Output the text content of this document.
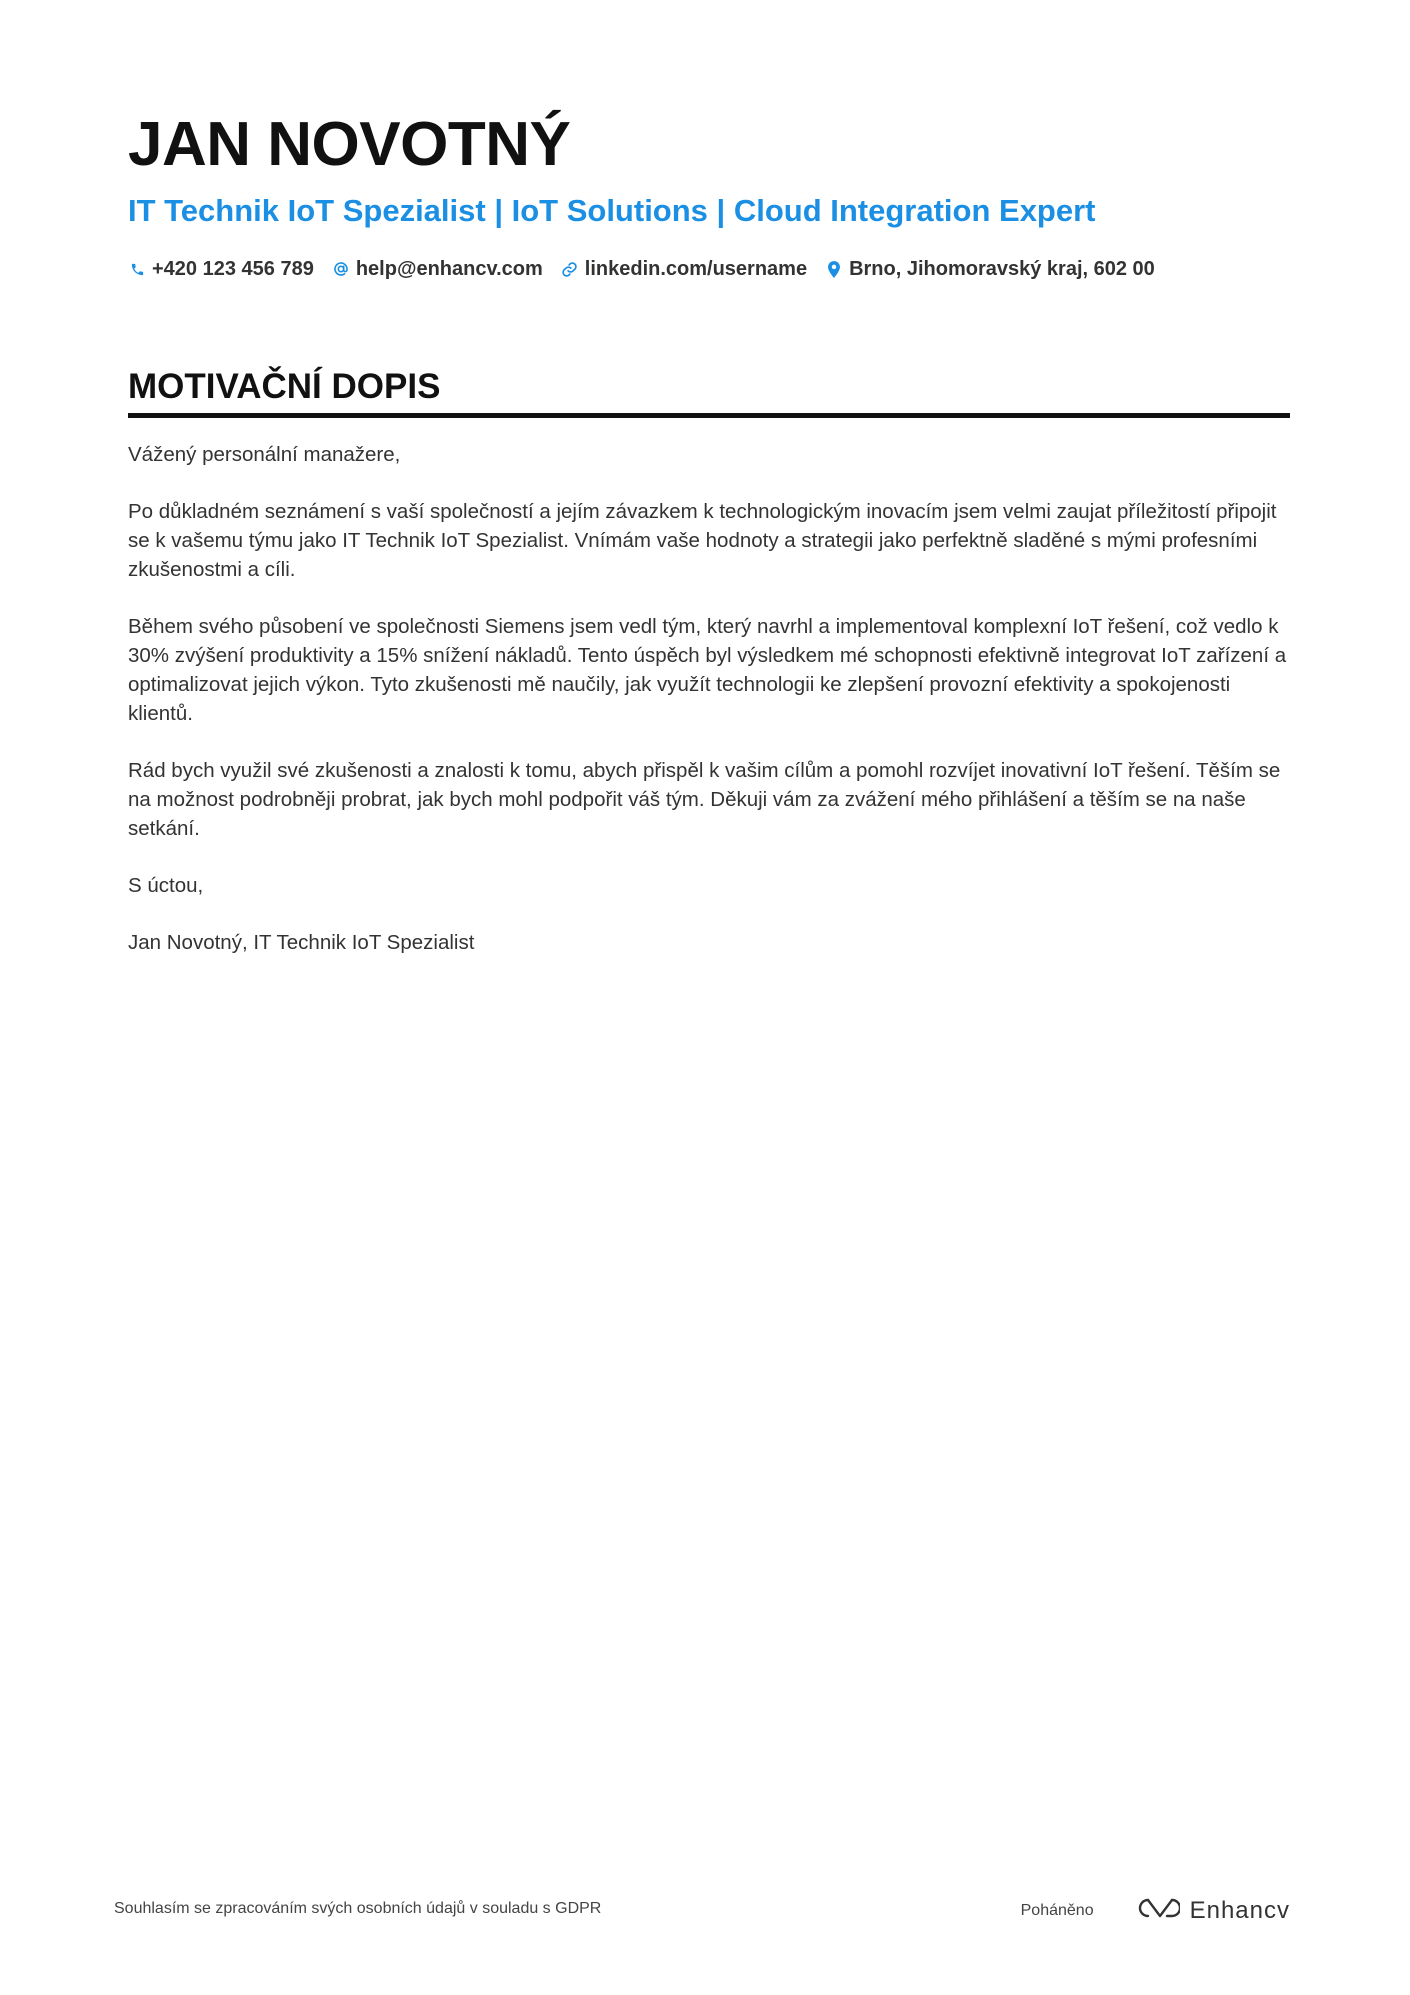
JAN NOVOTNÝ
IT Technik IoT Spezialist | IoT Solutions | Cloud Integration Expert
+420 123 456 789 help@enhancv.com linkedin.com/username Brno, Jihomoravský kraj, 602 00
MOTIVAČNÍ DOPIS

Vážený personální manažere,

Po důkladném seznámení s vaší společností a jejím závazkem k technologickým inovacím jsem velmi zaujat příležitostí připojit se k vašemu týmu jako IT Technik IoT Spezialist. Vnímám vaše hodnoty a strategii jako perfektně sladěné s mými profesními zkušenostmi a cíli.

Během svého působení ve společnosti Siemens jsem vedl tým, který navrhl a implementoval komplexní IoT řešení, což vedlo k 30% zvýšení produktivity a 15% snížení nákladů. Tento úspěch byl výsledkem mé schopnosti efektivně integrovat IoT zařízení a optimalizovat jejich výkon. Tyto zkušenosti mě naučily, jak využít technologii ke zlepšení provozní efektivity a spokojenosti klientů.

Rád bych využil své zkušenosti a znalosti k tomu, abych přispěl k vašim cílům a pomohl rozvíjet inovativní IoT řešení. Těším se na možnost podrobněji probrat, jak bych mohl podpořit váš tým. Děkuji vám za zvážení mého přihlášení a těším se na naše setkání.

S úctou,

Jan Novotný, IT Technik IoT Spezialist

Souhlasím se zpracováním svých osobních údajů v souladu s GDPR	Poháněno	Enhancv
